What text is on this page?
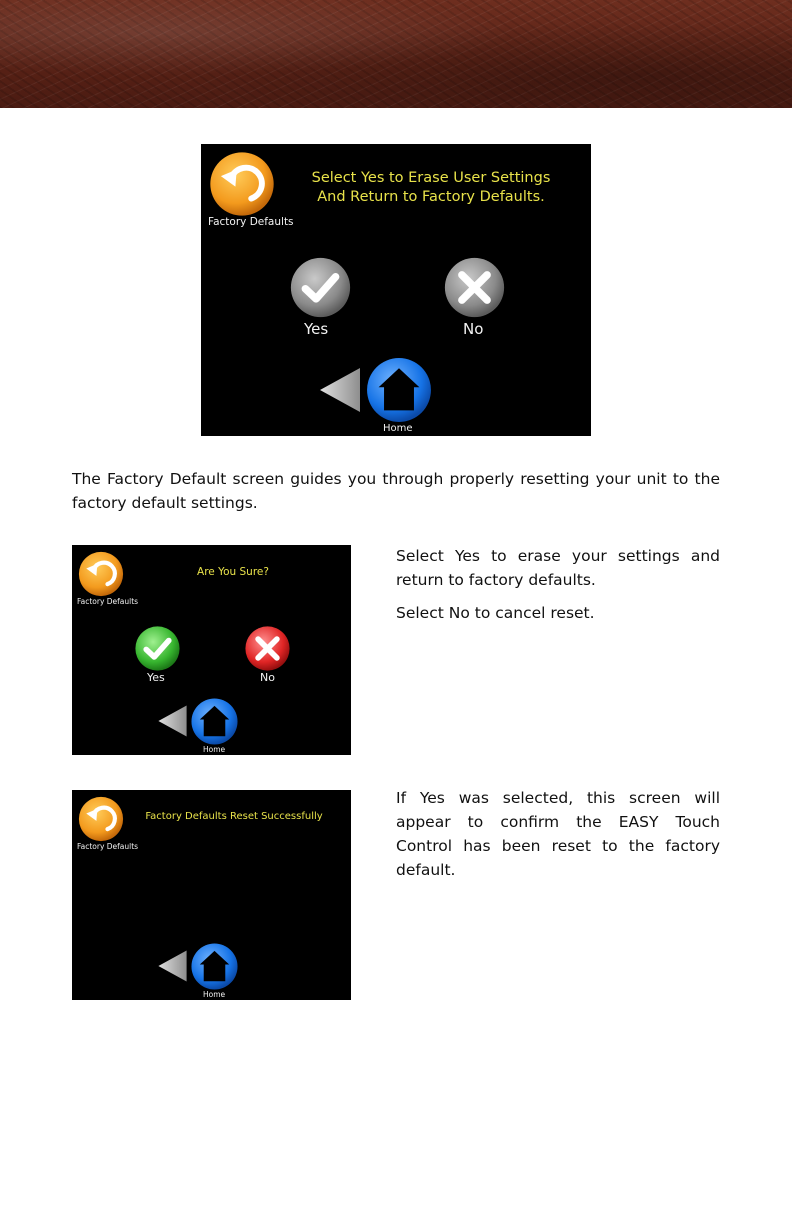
Factory Defaults
Select Yes to Erase User Settings
And Return to Factory Defaults.
Yes	No
Home

The Factory Default screen guides you through properly resetting your unit to the factory default settings.

Factory Defaults
Are You Sure?
Yes	No
Home

Select Yes to erase your settings and return to factory defaults.

Select No to cancel reset.

Factory Defaults
Factory Defaults Reset Successfully
Home

If Yes was selected, this screen will appear to confirm the EASY Touch Control has been reset to the factory default.
